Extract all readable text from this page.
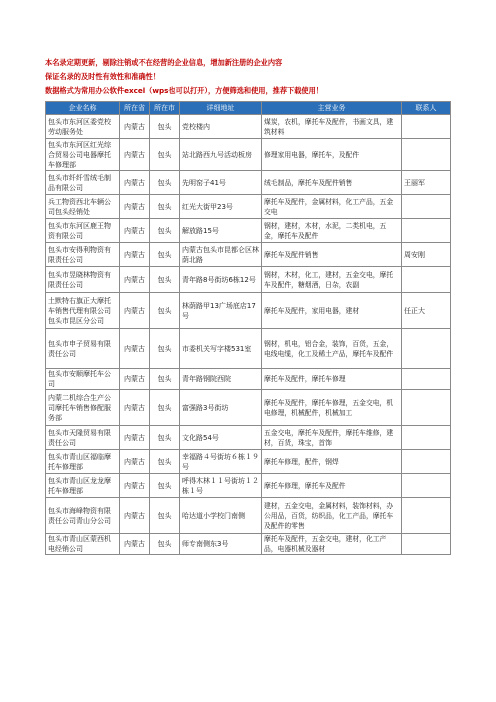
本名录定期更新，剔除注销或不在经营的企业信息，增加新注册的企业内容
保证名录的及时性有效性和准确性！
数据格式为常用办公软件excel（wps也可以打开），方便筛选和使用，推荐下载使用！
企业名称	所在省	所在市	详细地址	主营业务	联系人
包头市东河区委党校劳动服务处	内蒙古	包头	党校楼内	煤炭，农机，摩托车及配件，书画文具，建筑材料	
包头市东河区红光综合贸易公司电器摩托车修理部	内蒙古	包头	站北路西九号活动板房	修理家用电器，摩托车，及配件	
包头市纤纤雪绒毛制品有限公司	内蒙古	包头	先明窑子41号	绒毛制品，摩托车及配件销售	王丽军
兵工物资西北车辆公司包头经销处	内蒙古	包头	红光大街甲23号	摩托车及配件，金属材料，化工产品，五金交电	
包头市东河区鹿王物资有限公司	内蒙古	包头	解放路15号	钢材，建材，木材，水泥，二类机电，五金，摩托车及配件	
包头市安得利物资有限责任公司	内蒙古	包头	内蒙古包头市昆都仑区林荫北路	摩托车及配件销售	周安刚
包头市昱晓林物资有限责任公司	内蒙古	包头	青年路8号街坊6栋12号	钢材，木材，化工，建材，五金交电，摩托车及配件，糖烟酒，日杂，农副	
土默特右旗正大摩托车销售代理有限公司包头市昆区分公司	内蒙古	包头	林荫路甲13广场底店17号	摩托车及配件，家用电器，建材	任正大
包头市申子贸易有限责任公司	内蒙古	包头	市委机关写字楼531室	钢材，机电，铝合金，装饰，百货，五金，电线电缆，化工及稀土产品，摩托车及配件	
包头市安顺摩托车公司	内蒙古	包头	青年路钢院西院	摩托车及配件，摩托车修理	
内蒙二机综合生产公司摩托车销售修配服务部	内蒙古	包头	富强路3号街坊	摩托车及配件，摩托车修理，五金交电，机电修理，机械配件，机械加工	
包头市天隆贸易有限责任公司	内蒙古	包头	文化路54号	五金交电，摩托车及配件，摩托车维修，建材，百货，珠宝，首饰	
包头市青山区福临摩托车修理部	内蒙古	包头	幸福路４号街坊６栋１９号	摩托车修理，配件，钢焊	
包头市青山区龙龙摩托车修理部	内蒙古	包头	呼得木林１１号街坊１２栋１号	摩托车修理，摩托车及配件	
包头市海峰物资有限责任公司青山分公司	内蒙古	包头	哈达道小学校门南侧	建材，五金交电，金属材料，装饰材料，办公用品，百货，纺织品，化工产品，摩托车及配件的零售	
包头市青山区蒙西机电经销公司	内蒙古	包头	师专南侧东3号	摩托车及配件，五金交电，建材，化工产品，电器机械及器材	
